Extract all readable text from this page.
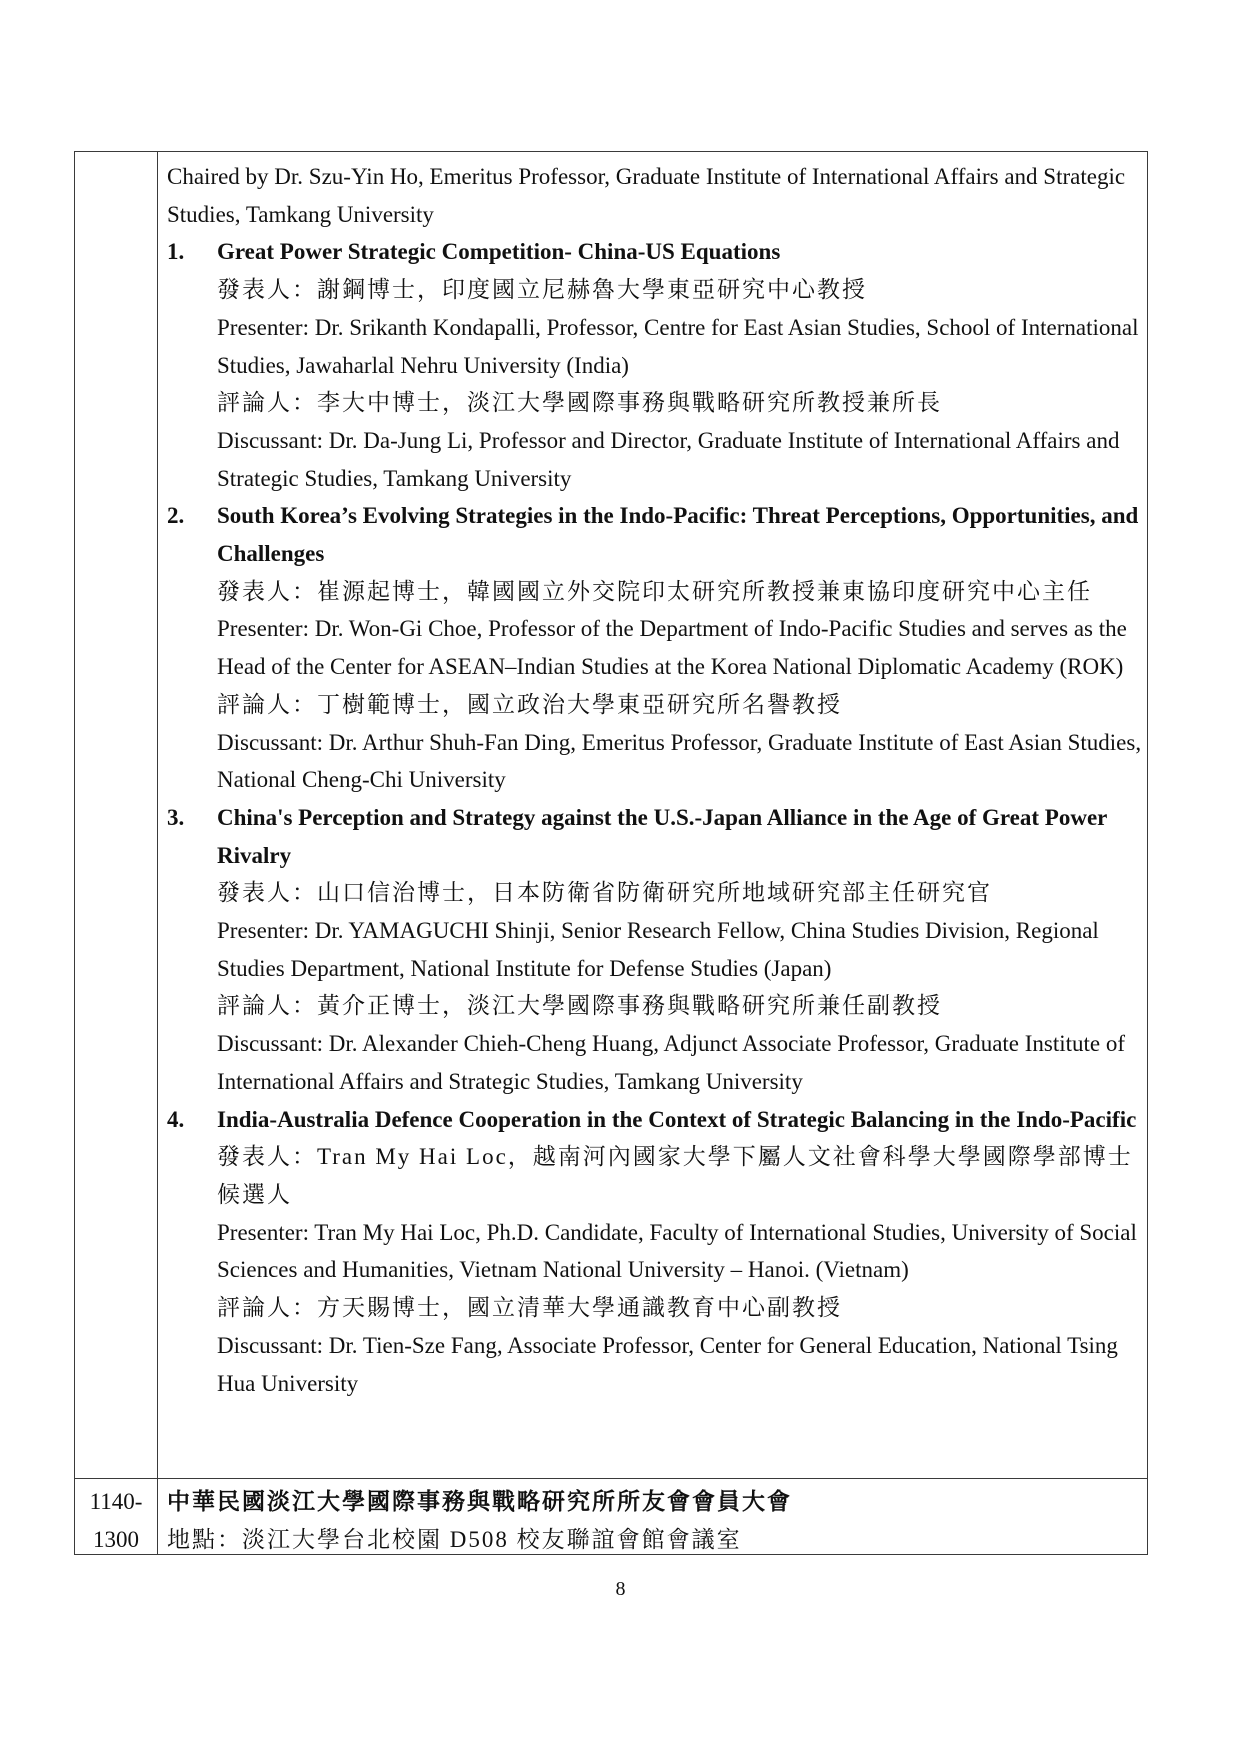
Chaired by Dr. Szu-Yin Ho, Emeritus Professor, Graduate Institute of International Affairs and Strategic Studies, Tamkang University

1. Great Power Strategic Competition- China-US Equations

發表人：謝鋼博士，印度國立尼赫魯大學東亞研究中心教授

Presenter: Dr. Srikanth Kondapalli, Professor, Centre for East Asian Studies, School of International Studies, Jawaharlal Nehru University (India)

評論人：李大中博士，淡江大學國際事務與戰略研究所教授兼所長

Discussant: Dr. Da-Jung Li, Professor and Director, Graduate Institute of International Affairs and Strategic Studies, Tamkang University

2. South Korea’s Evolving Strategies in the Indo-Pacific: Threat Perceptions, Opportunities, and Challenges

發表人：崔源起博士，韓國國立外交院印太研究所教授兼東協印度研究中心主任

Presenter: Dr. Won-Gi Choe, Professor of the Department of Indo-Pacific Studies and serves as the Head of the Center for ASEAN–Indian Studies at the Korea National Diplomatic Academy (ROK)

評論人：丁樹範博士，國立政治大學東亞研究所名譽教授

Discussant: Dr. Arthur Shuh-Fan Ding, Emeritus Professor, Graduate Institute of East Asian Studies, National Cheng-Chi University

3. China's Perception and Strategy against the U.S.-Japan Alliance in the Age of Great Power Rivalry

發表人：山口信治博士，日本防衛省防衛研究所地域研究部主任研究官

Presenter: Dr. YAMAGUCHI Shinji, Senior Research Fellow, China Studies Division, Regional Studies Department, National Institute for Defense Studies (Japan)

評論人：黃介正博士，淡江大學國際事務與戰略研究所兼任副教授

Discussant: Dr. Alexander Chieh-Cheng Huang, Adjunct Associate Professor, Graduate Institute of International Affairs and Strategic Studies, Tamkang University

4. India-Australia Defence Cooperation in the Context of Strategic Balancing in the Indo-Pacific

發表人：Tran My Hai Loc，越南河內國家大學下屬人文社會科學大學國際學部博士候選人

Presenter: Tran My Hai Loc, Ph.D. Candidate, Faculty of International Studies, University of Social Sciences and Humanities, Vietnam National University – Hanoi. (Vietnam)

評論人：方天賜博士，國立清華大學通識教育中心副教授

Discussant: Dr. Tien-Sze Fang, Associate Professor, Center for General Education, National Tsing Hua University

1140-
1300

中華民國淡江大學國際事務與戰略研究所所友會會員大會

地點：淡江大學台北校園 D508 校友聯誼會館會議室

8
